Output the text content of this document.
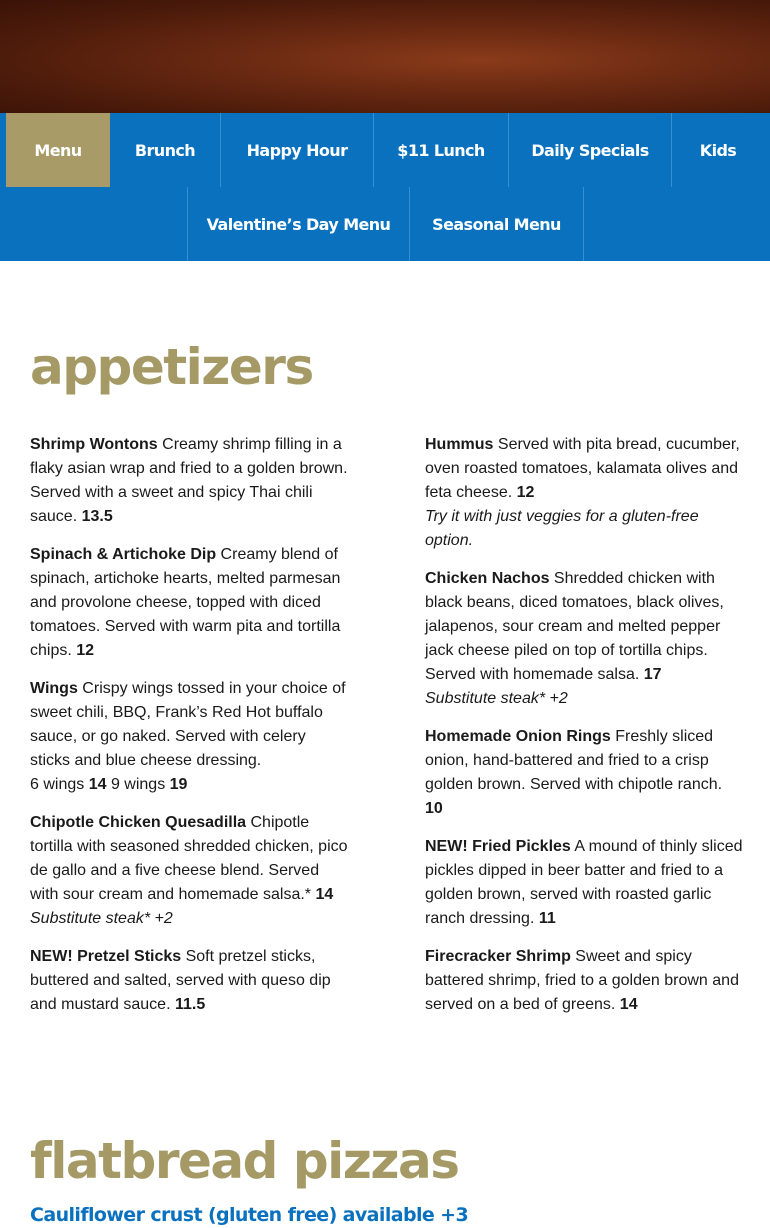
Menu	Brunch	Happy Hour	$11 Lunch	Daily Specials	Kids
Valentine’s Day Menu	Seasonal Menu
appetizers
Shrimp Wontons Creamy shrimp filling in a flaky asian wrap and fried to a golden brown. Served with a sweet and spicy Thai chili sauce. 13.5
Spinach & Artichoke Dip Creamy blend of spinach, artichoke hearts, melted parmesan and provolone cheese, topped with diced tomatoes. Served with warm pita and tortilla chips. 12
Wings Crispy wings tossed in your choice of sweet chili, BBQ, Frank’s Red Hot buffalo sauce, or go naked. Served with celery sticks and blue cheese dressing.
6 wings 14 9 wings 19
Chipotle Chicken Quesadilla Chipotle tortilla with seasoned shredded chicken, pico de gallo and a five cheese blend. Served with sour cream and homemade salsa.* 14
Substitute steak* +2
NEW! Pretzel Sticks Soft pretzel sticks, buttered and salted, served with queso dip and mustard sauce. 11.5
Hummus Served with pita bread, cucumber, oven roasted tomatoes, kalamata olives and feta cheese. 12
Try it with just veggies for a gluten-free option.
Chicken Nachos Shredded chicken with black beans, diced tomatoes, black olives, jalapenos, sour cream and melted pepper jack cheese piled on top of tortilla chips. Served with homemade salsa. 17
Substitute steak* +2
Homemade Onion Rings Freshly sliced onion, hand-battered and fried to a crisp golden brown. Served with chipotle ranch. 10
NEW! Fried Pickles A mound of thinly sliced pickles dipped in beer batter and fried to a golden brown, served with roasted garlic ranch dressing. 11
Firecracker Shrimp Sweet and spicy battered shrimp, fried to a golden brown and served on a bed of greens. 14
flatbread pizzas
Cauliflower crust (gluten free) available +3
